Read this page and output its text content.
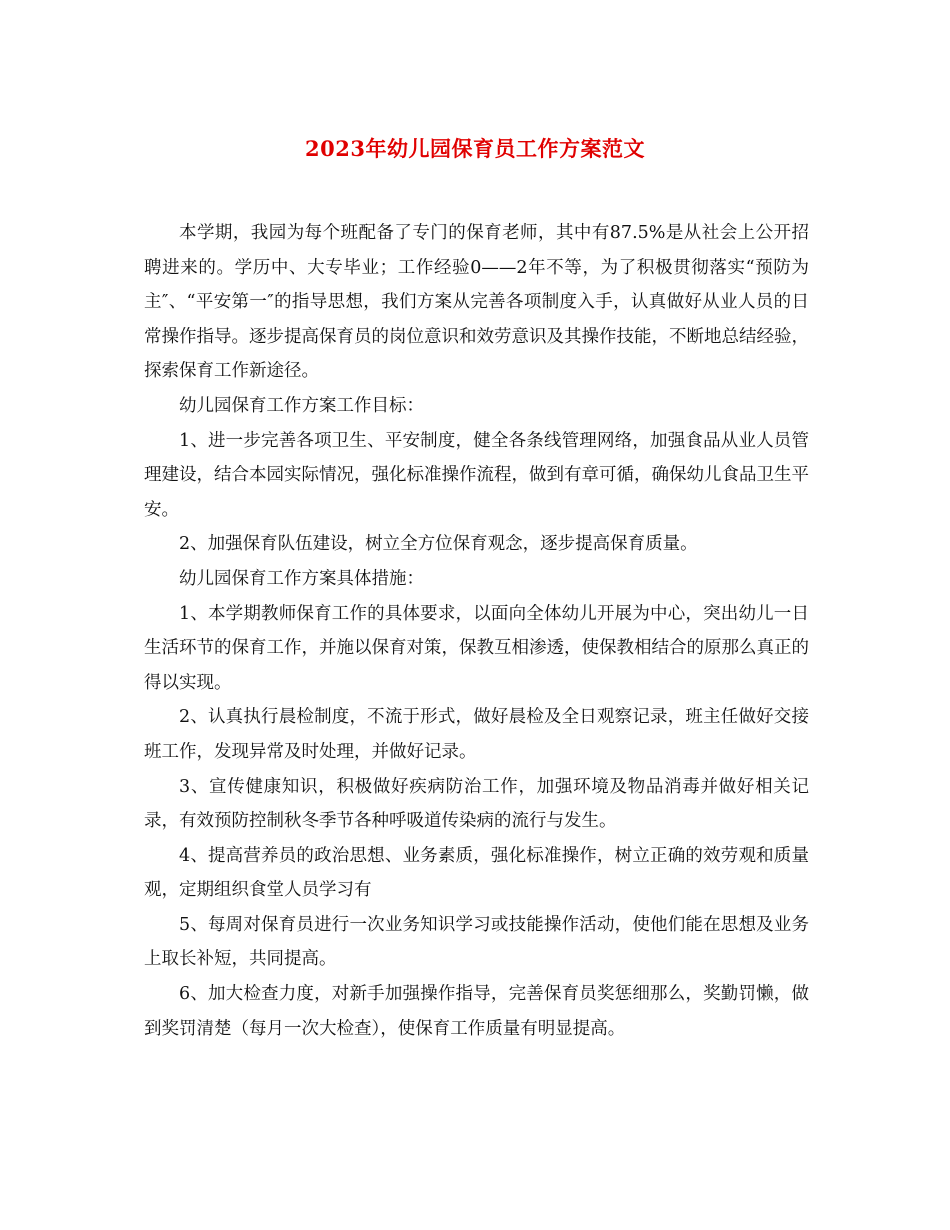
2023年幼儿园保育员工作方案范文

本学期，我园为每个班配备了专门的保育老师，其中有87.5%是从社会上公开招聘进来的。学历中、大专毕业；工作经验0——2年不等，为了积极贯彻落实“预防为主″、“平安第一″的指导思想，我们方案从完善各项制度入手，认真做好从业人员的日常操作指导。逐步提高保育员的岗位意识和效劳意识及其操作技能，不断地总结经验，探索保育工作新途径。

幼儿园保育工作方案工作目标：

1、进一步完善各项卫生、平安制度，健全各条线管理网络，加强食品从业人员管理建设，结合本园实际情况，强化标准操作流程，做到有章可循，确保幼儿食品卫生平安。

2、加强保育队伍建设，树立全方位保育观念，逐步提高保育质量。

幼儿园保育工作方案具体措施：

1、本学期教师保育工作的具体要求，以面向全体幼儿开展为中心，突出幼儿一日生活环节的保育工作，并施以保育对策，保教互相渗透，使保教相结合的原那么真正的得以实现。

2、认真执行晨检制度，不流于形式，做好晨检及全日观察记录，班主任做好交接班工作，发现异常及时处理，并做好记录。

3、宣传健康知识，积极做好疾病防治工作，加强环境及物品消毒并做好相关记录，有效预防控制秋冬季节各种呼吸道传染病的流行与发生。

4、提高营养员的政治思想、业务素质，强化标准操作，树立正确的效劳观和质量观，定期组织食堂人员学习有

5、每周对保育员进行一次业务知识学习或技能操作活动，使他们能在思想及业务上取长补短，共同提高。

6、加大检查力度，对新手加强操作指导，完善保育员奖惩细那么，奖勤罚懒，做到奖罚清楚（每月一次大检查），使保育工作质量有明显提高。
